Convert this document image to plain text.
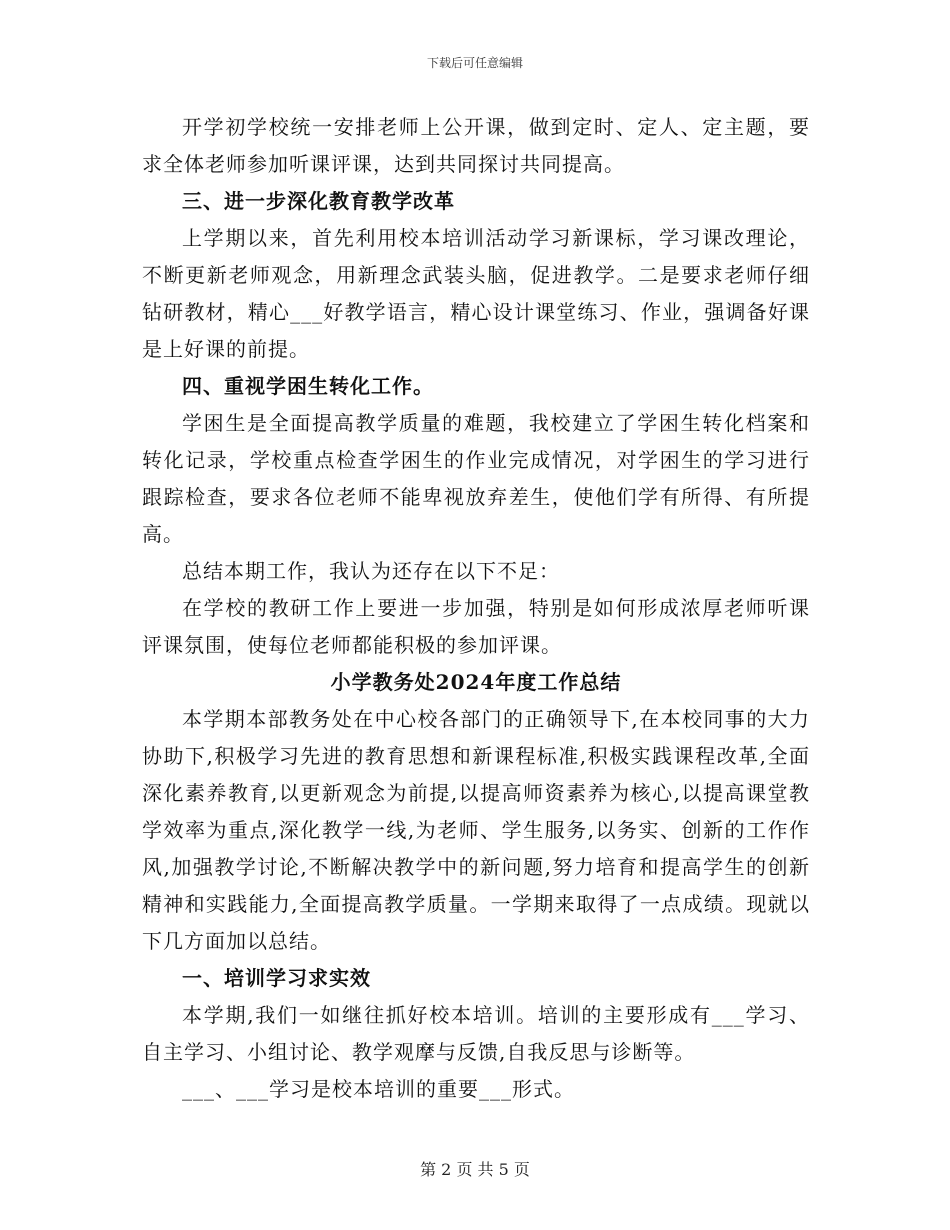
下载后可任意编辑

开学初学校统一安排老师上公开课，做到定时、定人、定主题，要求全体老师参加听课评课，达到共同探讨共同提高。

三、进一步深化教育教学改革

上学期以来，首先利用校本培训活动学习新课标，学习课改理论，不断更新老师观念，用新理念武装头脑，促进教学。二是要求老师仔细钻研教材，精心___好教学语言，精心设计课堂练习、作业，强调备好课是上好课的前提。

四、重视学困生转化工作。

学困生是全面提高教学质量的难题，我校建立了学困生转化档案和转化记录，学校重点检查学困生的作业完成情况，对学困生的学习进行跟踪检查，要求各位老师不能卑视放弃差生，使他们学有所得、有所提高。

总结本期工作，我认为还存在以下不足：

在学校的教研工作上要进一步加强，特别是如何形成浓厚老师听课评课氛围，使每位老师都能积极的参加评课。

小学教务处2024年度工作总结

本学期本部教务处在中心校各部门的正确领导下,在本校同事的大力协助下,积极学习先进的教育思想和新课程标准,积极实践课程改革,全面深化素养教育,以更新观念为前提,以提高师资素养为核心,以提高课堂教学效率为重点,深化教学一线,为老师、学生服务,以务实、创新的工作作风,加强教学讨论,不断解决教学中的新问题,努力培育和提高学生的创新精神和实践能力,全面提高教学质量。一学期来取得了一点成绩。现就以下几方面加以总结。

一、培训学习求实效

本学期,我们一如继往抓好校本培训。培训的主要形成有___学习、自主学习、小组讨论、教学观摩与反馈,自我反思与诊断等。

___、___学习是校本培训的重要___形式。

第 2 页 共 5 页
